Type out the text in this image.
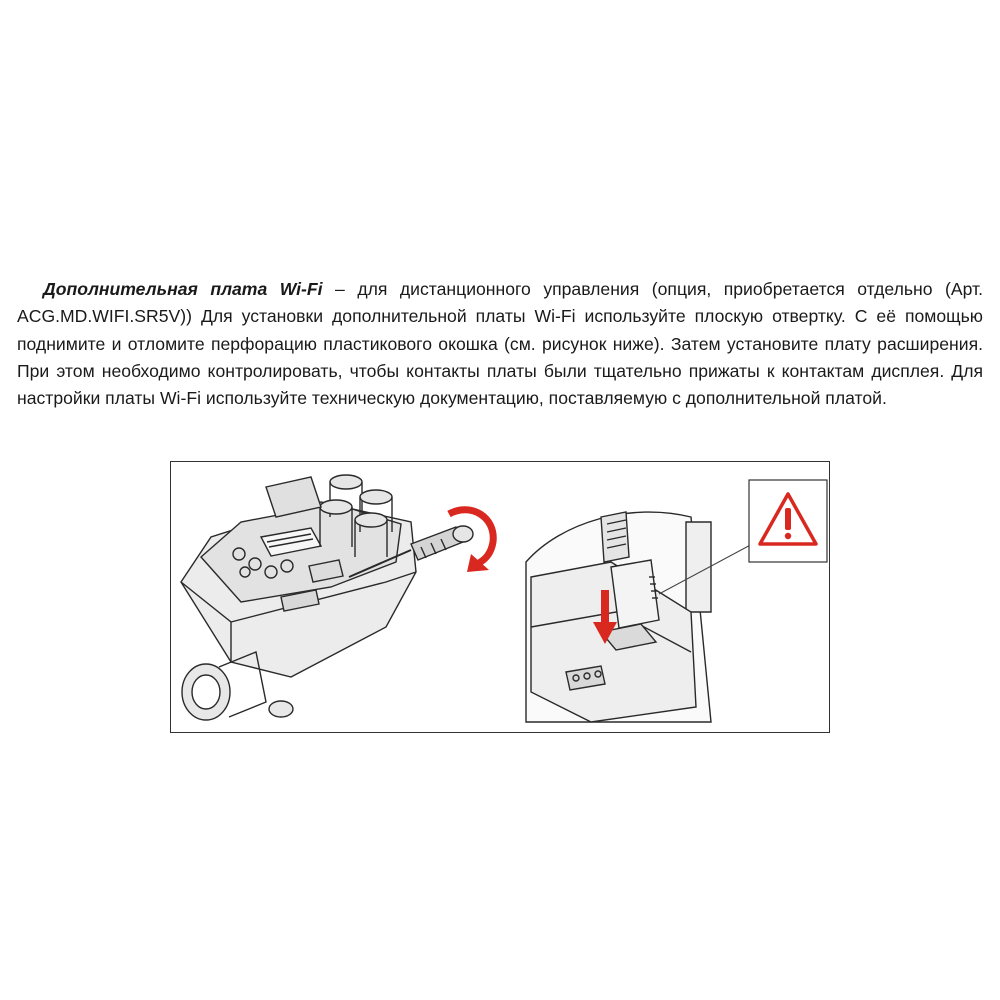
Дополнительная плата Wi-Fi – для дистанционного управления (опция, приобретается отдельно (Арт. ACG.MD.WIFI.SR5V)) Для установки дополнительной платы Wi-Fi используйте плоскую отвертку. С её помощью поднимите и отломите перфорацию пластикового окошка (см. рисунок ниже). Затем установите плату расширения. При этом необходимо контролировать, чтобы контакты платы были тщательно прижаты к контактам дисплея. Для настройки платы Wi-Fi используйте техническую документацию, поставляемую с дополнительной платой.
